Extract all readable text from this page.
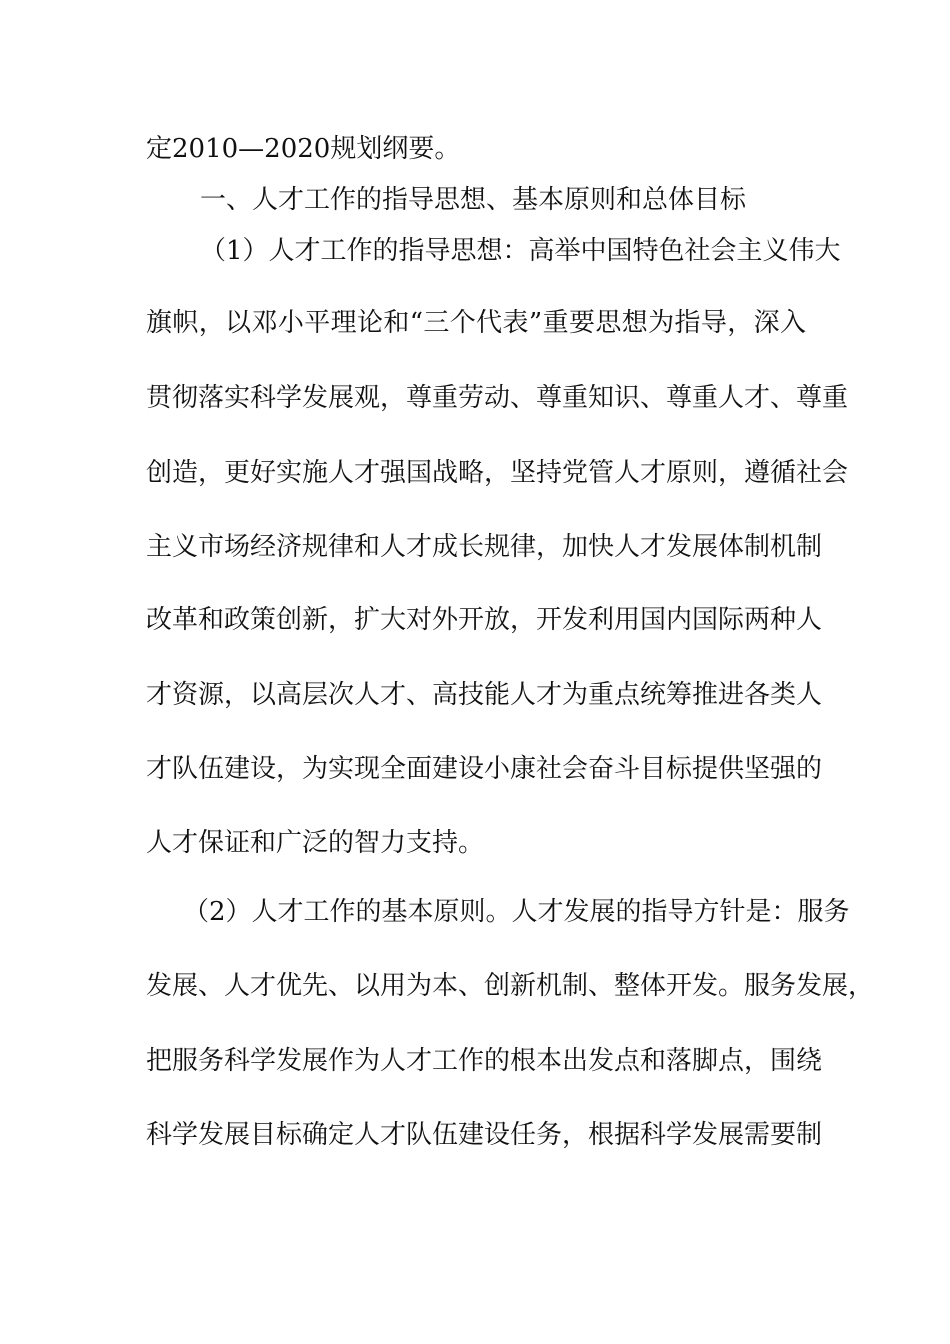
定2010—2020规划纲要。
一、人才工作的指导思想、基本原则和总体目标
（1）人才工作的指导思想：高举中国特色社会主义伟大
旗帜，以邓小平理论和“三个代表”重要思想为指导，深入
贯彻落实科学发展观，尊重劳动、尊重知识、尊重人才、尊重
创造，更好实施人才强国战略，坚持党管人才原则，遵循社会
主义市场经济规律和人才成长规律，加快人才发展体制机制
改革和政策创新，扩大对外开放，开发利用国内国际两种人
才资源，以高层次人才、高技能人才为重点统筹推进各类人
才队伍建设，为实现全面建设小康社会奋斗目标提供坚强的
人才保证和广泛的智力支持。
（2）人才工作的基本原则。人才发展的指导方针是：服务
发展、人才优先、以用为本、创新机制、整体开发。服务发展，
把服务科学发展作为人才工作的根本出发点和落脚点，围绕
科学发展目标确定人才队伍建设任务，根据科学发展需要制
